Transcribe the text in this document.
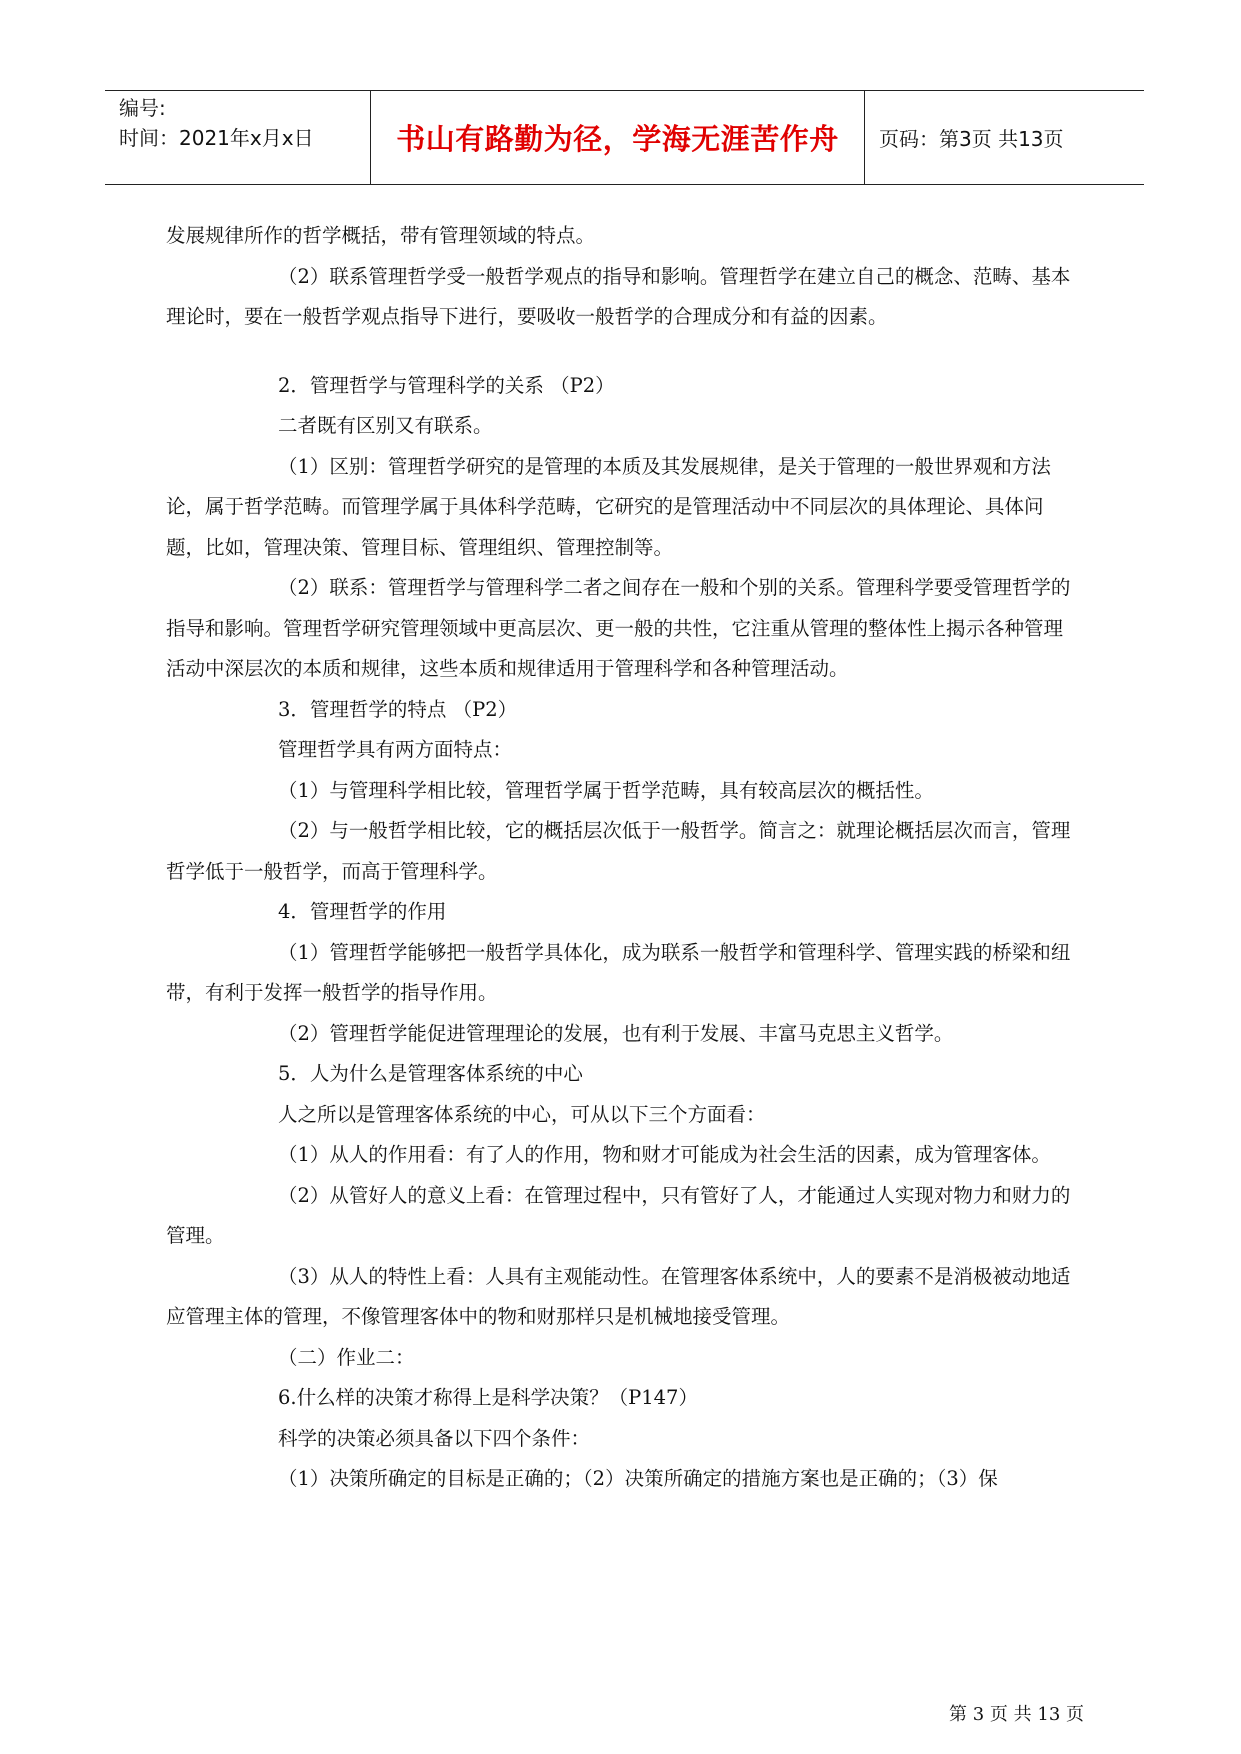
编号:
时间：2021年x月x日	书山有路勤为径，学海无涯苦作舟 页码：第3页 共13页

发展规律所作的哲学概括，带有管理领域的特点。

（2）联系管理哲学受一般哲学观点的指导和影响。管理哲学在建立自己的概念、范畴、基本理论时，要在一般哲学观点指导下进行，要吸收一般哲学的合理成分和有益的因素。

2．管理哲学与管理科学的关系 （P2）

二者既有区别又有联系。

（1）区别：管理哲学研究的是管理的本质及其发展规律，是关于管理的一般世界观和方法论，属于哲学范畴。而管理学属于具体科学范畴，它研究的是管理活动中不同层次的具体理论、具体问题，比如，管理决策、管理目标、管理组织、管理控制等。

（2）联系：管理哲学与管理科学二者之间存在一般和个别的关系。管理科学要受管理哲学的指导和影响。管理哲学研究管理领域中更高层次、更一般的共性，它注重从管理的整体性上揭示各种管理活动中深层次的本质和规律，这些本质和规律适用于管理科学和各种管理活动。

3．管理哲学的特点 （P2）

管理哲学具有两方面特点：

（1）与管理科学相比较，管理哲学属于哲学范畴，具有较高层次的概括性。

（2）与一般哲学相比较，它的概括层次低于一般哲学。简言之：就理论概括层次而言，管理哲学低于一般哲学，而高于管理科学。

4．管理哲学的作用

（1）管理哲学能够把一般哲学具体化，成为联系一般哲学和管理科学、管理实践的桥梁和纽带，有利于发挥一般哲学的指导作用。

（2）管理哲学能促进管理理论的发展，也有利于发展、丰富马克思主义哲学。

5．人为什么是管理客体系统的中心

人之所以是管理客体系统的中心，可从以下三个方面看：

（1）从人的作用看：有了人的作用，物和财才可能成为社会生活的因素，成为管理客体。

（2）从管好人的意义上看：在管理过程中，只有管好了人，才能通过人实现对物力和财力的管理。

（3）从人的特性上看：人具有主观能动性。在管理客体系统中，人的要素不是消极被动地适应管理主体的管理，不像管理客体中的物和财那样只是机械地接受管理。

（二）作业二：

6.什么样的决策才称得上是科学决策？（P147）

科学的决策必须具备以下四个条件：

（1）决策所确定的目标是正确的；（2）决策所确定的措施方案也是正确的；（3）保

第 3 页 共 13 页
